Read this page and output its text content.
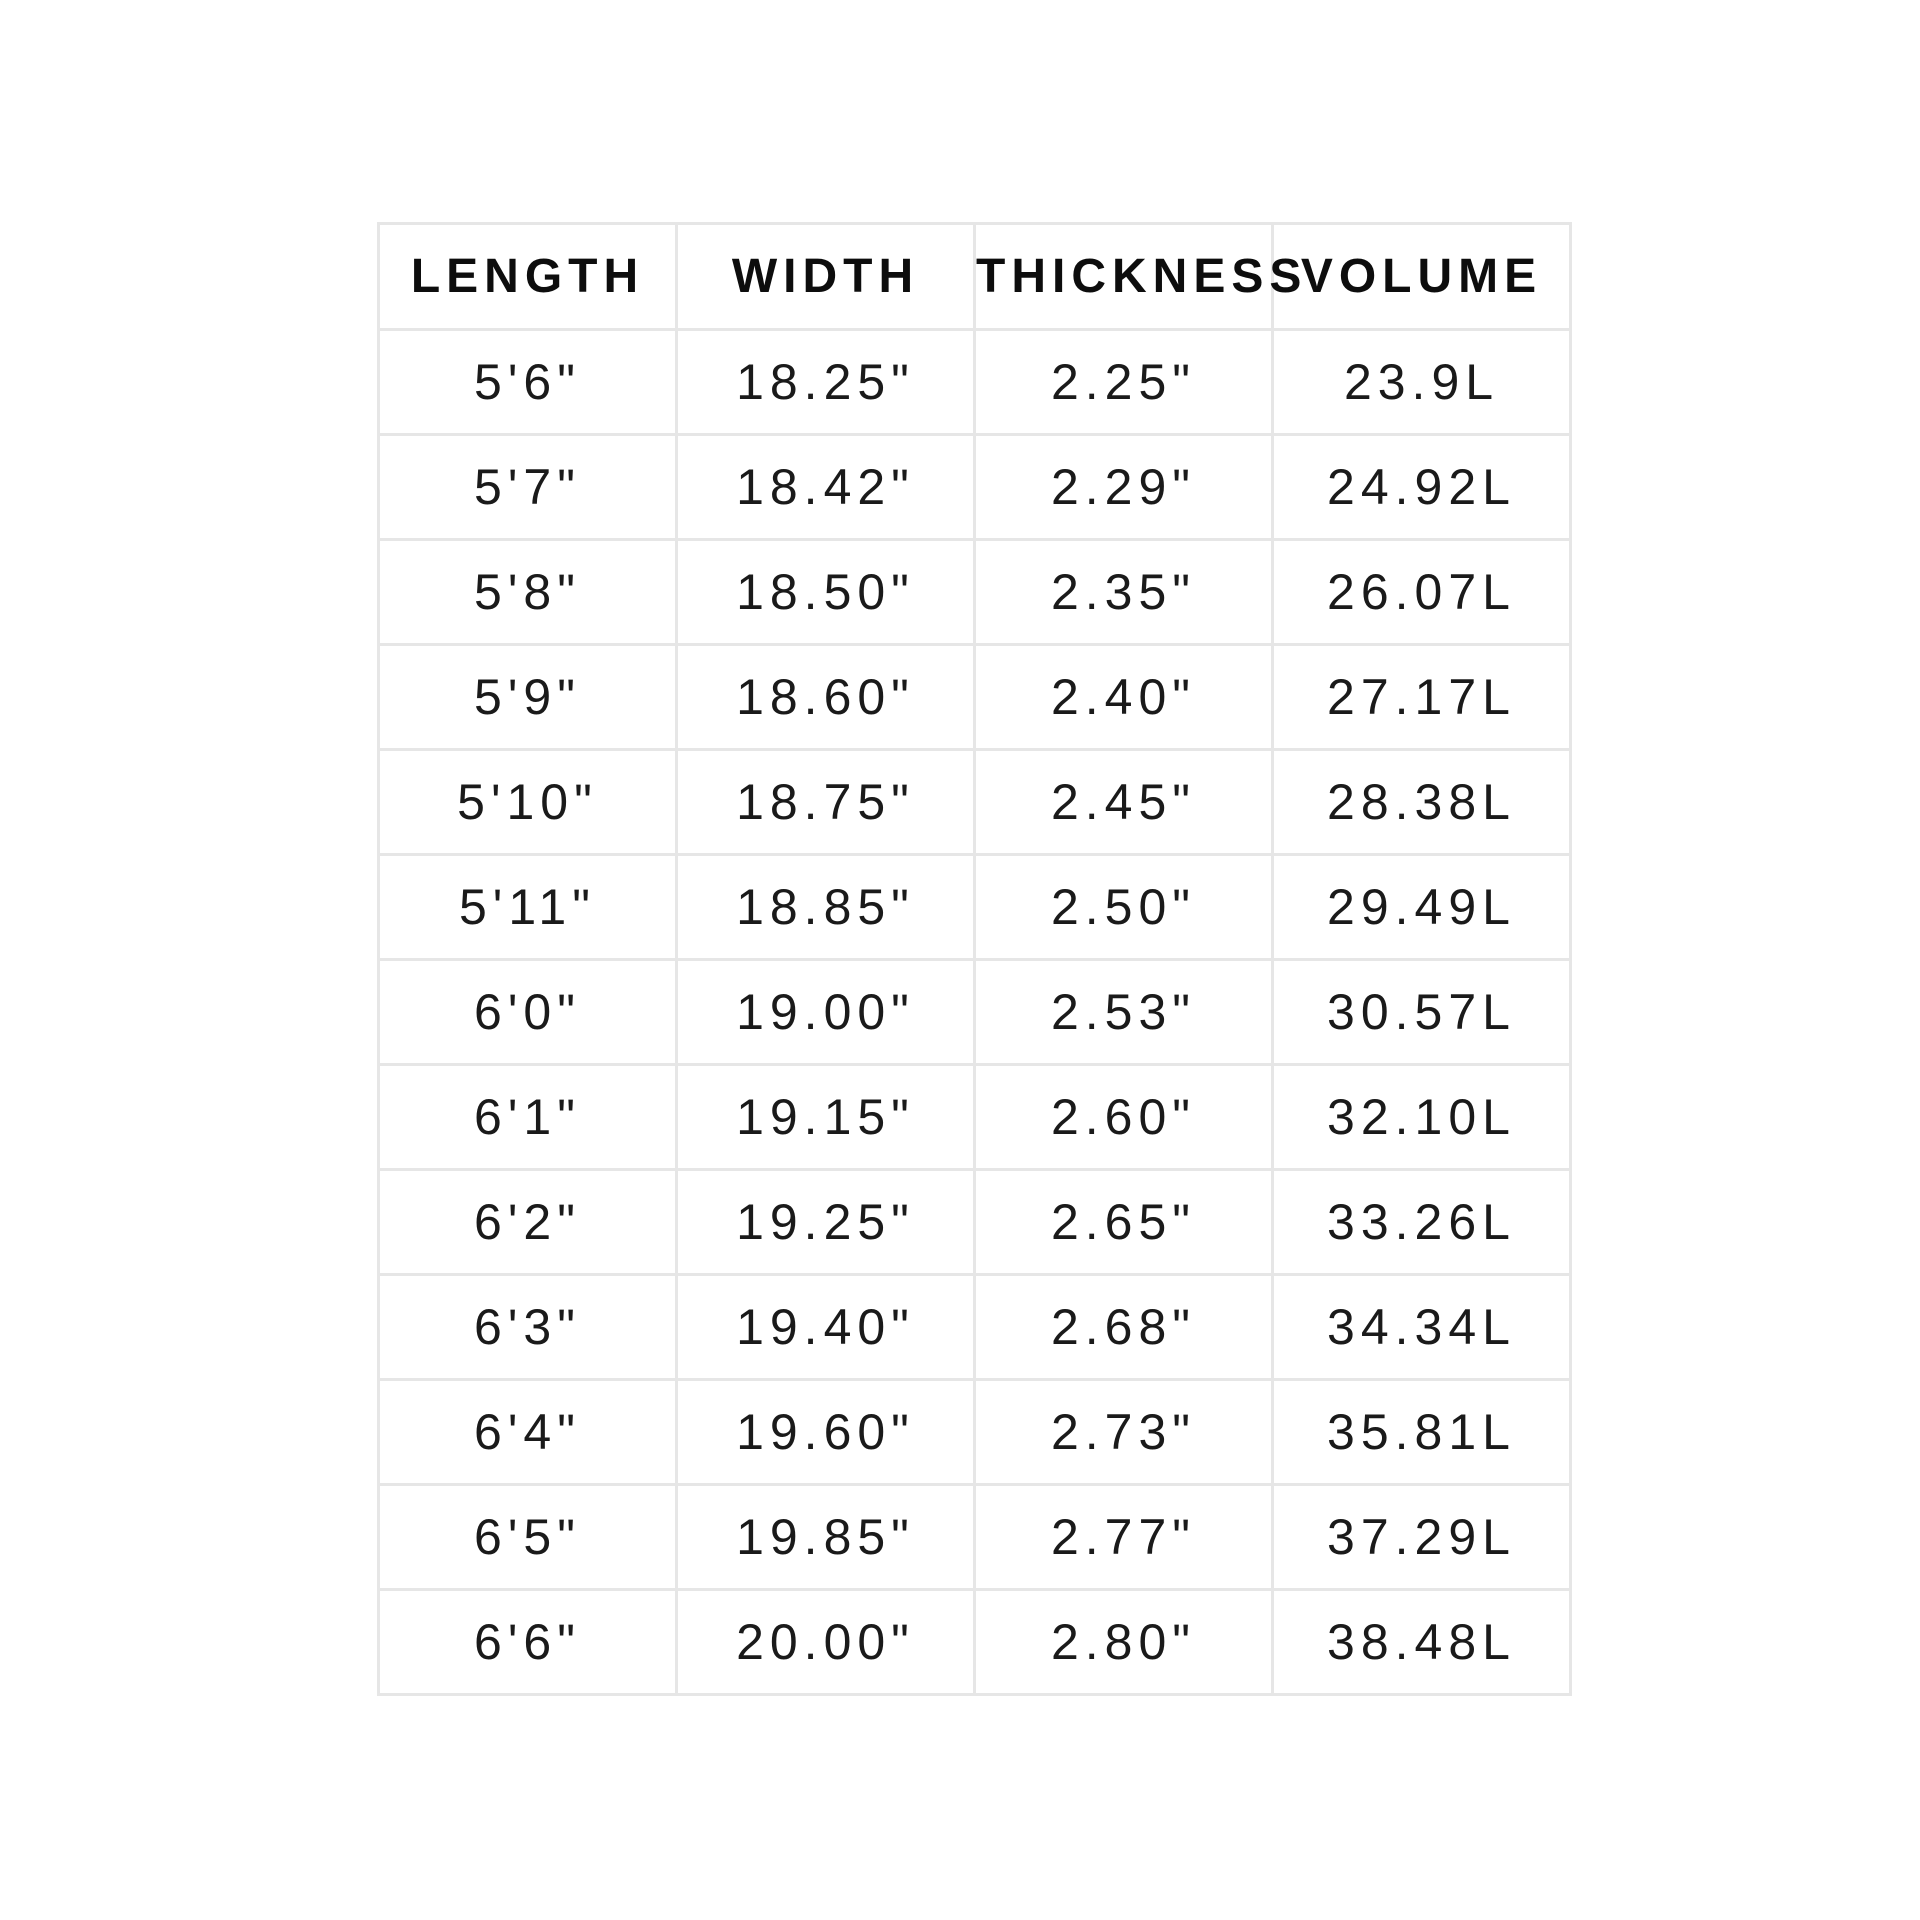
LENGTH	WIDTH	THICKNESS	VOLUME
5'6"	18.25"	2.25"	23.9L
5'7"	18.42"	2.29"	24.92L
5'8"	18.50"	2.35"	26.07L
5'9"	18.60"	2.40"	27.17L
5'10"	18.75"	2.45"	28.38L
5'11"	18.85"	2.50"	29.49L
6'0"	19.00"	2.53"	30.57L
6'1"	19.15"	2.60"	32.10L
6'2"	19.25"	2.65"	33.26L
6'3"	19.40"	2.68"	34.34L
6'4"	19.60"	2.73"	35.81L
6'5"	19.85"	2.77"	37.29L
6'6"	20.00"	2.80"	38.48L
